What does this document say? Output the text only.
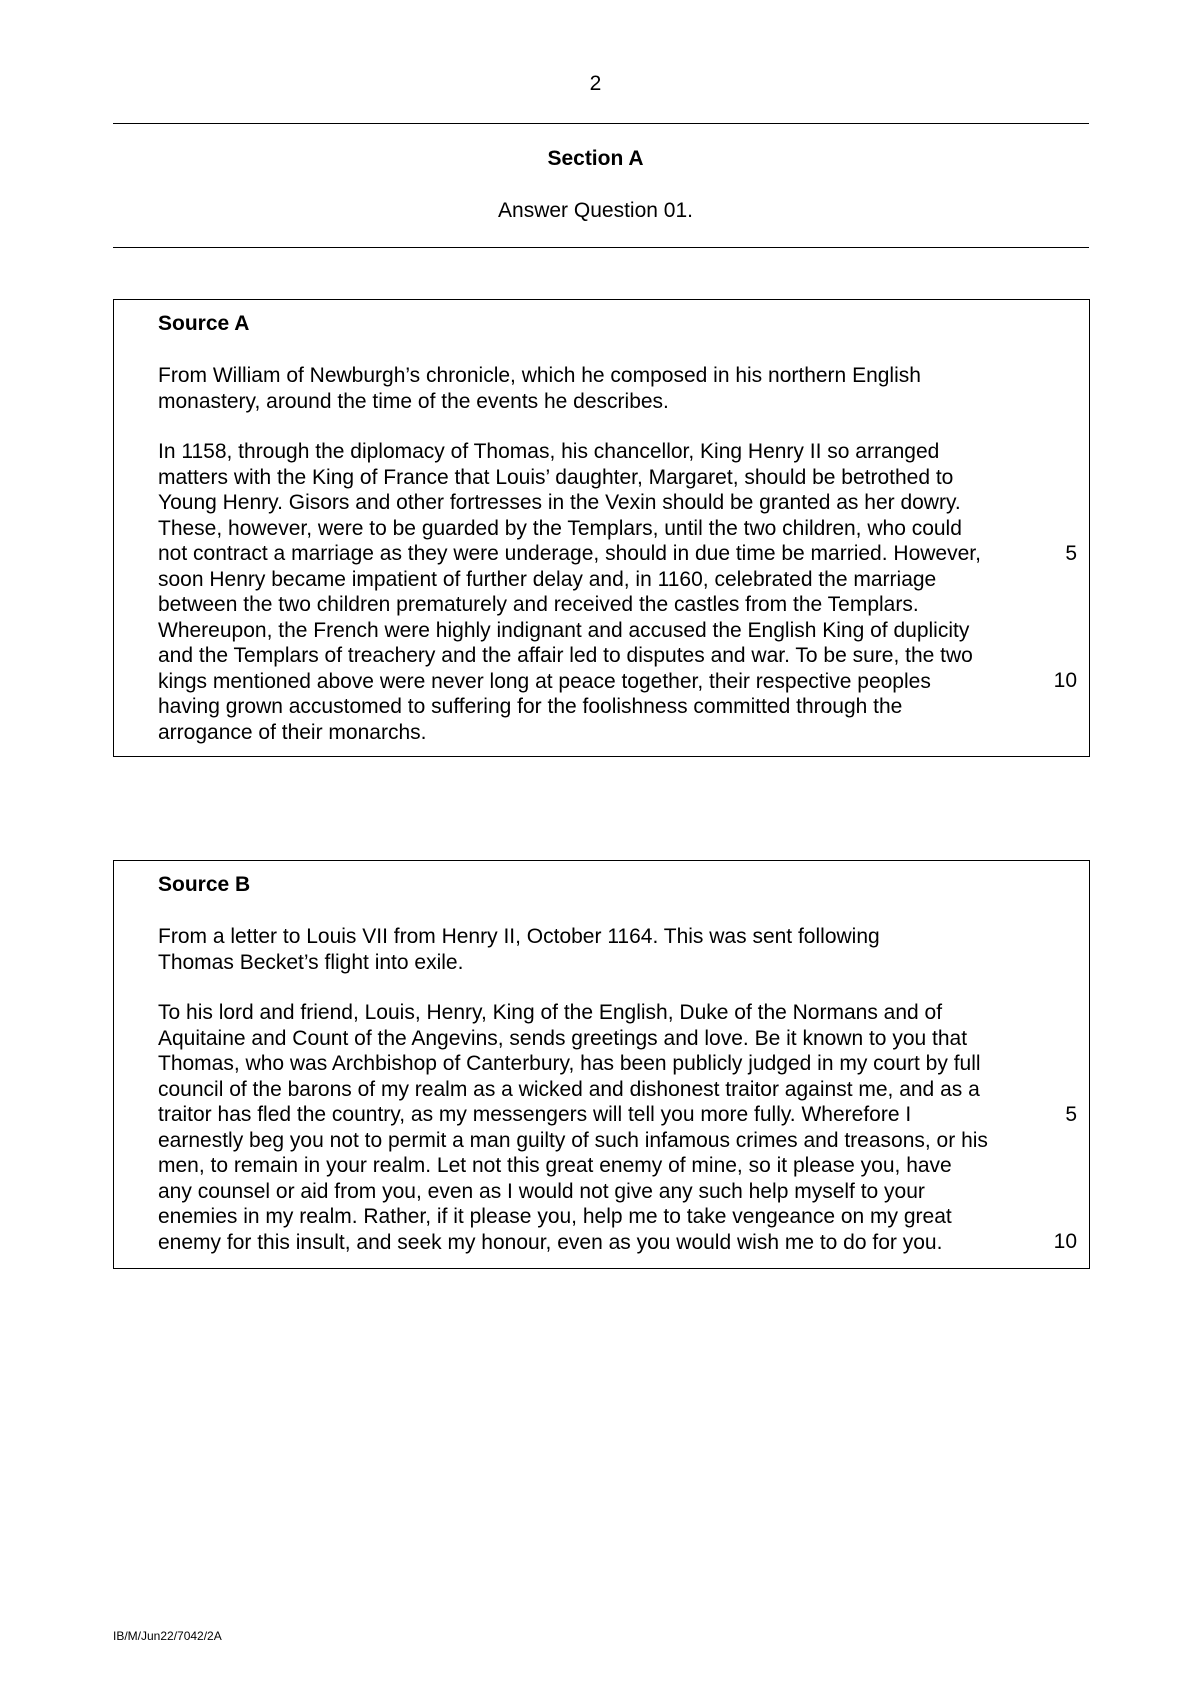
2
Section A
Answer Question 01.
Source A

From William of Newburgh’s chronicle, which he composed in his northern English
monastery, around the time of the events he describes.

In 1158, through the diplomacy of Thomas, his chancellor, King Henry II so arranged
matters with the King of France that Louis’ daughter, Margaret, should be betrothed to
Young Henry. Gisors and other fortresses in the Vexin should be granted as her dowry.
These, however, were to be guarded by the Templars, until the two children, who could
not contract a marriage as they were underage, should in due time be married. However,
soon Henry became impatient of further delay and, in 1160, celebrated the marriage
between the two children prematurely and received the castles from the Templars.
Whereupon, the French were highly indignant and accused the English King of duplicity
and the Templars of treachery and the affair led to disputes and war. To be sure, the two
kings mentioned above were never long at peace together, their respective peoples
having grown accustomed to suffering for the foolishness committed through the
arrogance of their monarchs.

5
10
Source B

From a letter to Louis VII from Henry II, October 1164. This was sent following
Thomas Becket’s flight into exile.

To his lord and friend, Louis, Henry, King of the English, Duke of the Normans and of
Aquitaine and Count of the Angevins, sends greetings and love. Be it known to you that
Thomas, who was Archbishop of Canterbury, has been publicly judged in my court by full
council of the barons of my realm as a wicked and dishonest traitor against me, and as a
traitor has fled the country, as my messengers will tell you more fully. Wherefore I
earnestly beg you not to permit a man guilty of such infamous crimes and treasons, or his
men, to remain in your realm. Let not this great enemy of mine, so it please you, have
any counsel or aid from you, even as I would not give any such help myself to your
enemies in my realm. Rather, if it please you, help me to take vengeance on my great
enemy for this insult, and seek my honour, even as you would wish me to do for you.

5
10
IB/M/Jun22/7042/2A
